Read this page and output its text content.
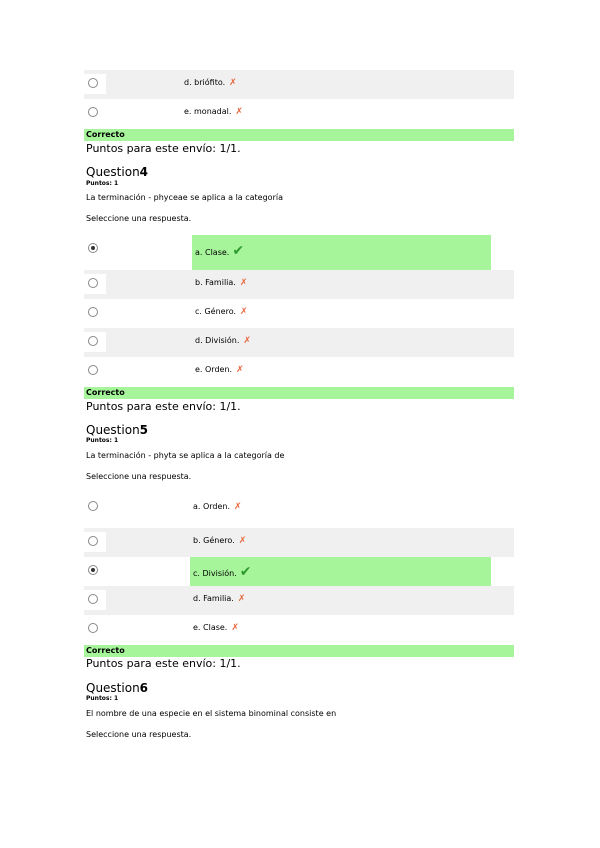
d. briófito. ✗
e. monadal. ✗
Correcto
Puntos para este envío: 1/1.
Question4
Puntos: 1
La terminación - phyceae se aplica a la categoría
Seleccione una respuesta.
a. Clase. ✔
b. Familia. ✗
c. Género. ✗
d. División. ✗
e. Orden. ✗
Correcto
Puntos para este envío: 1/1.
Question5
Puntos: 1
La terminación - phyta se aplica a la categoría de
Seleccione una respuesta.
a. Orden. ✗
b. Género. ✗
c. División. ✔
d. Familia. ✗
e. Clase. ✗
Correcto
Puntos para este envío: 1/1.
Question6
Puntos: 1
El nombre de una especie en el sistema binominal consiste en
Seleccione una respuesta.
